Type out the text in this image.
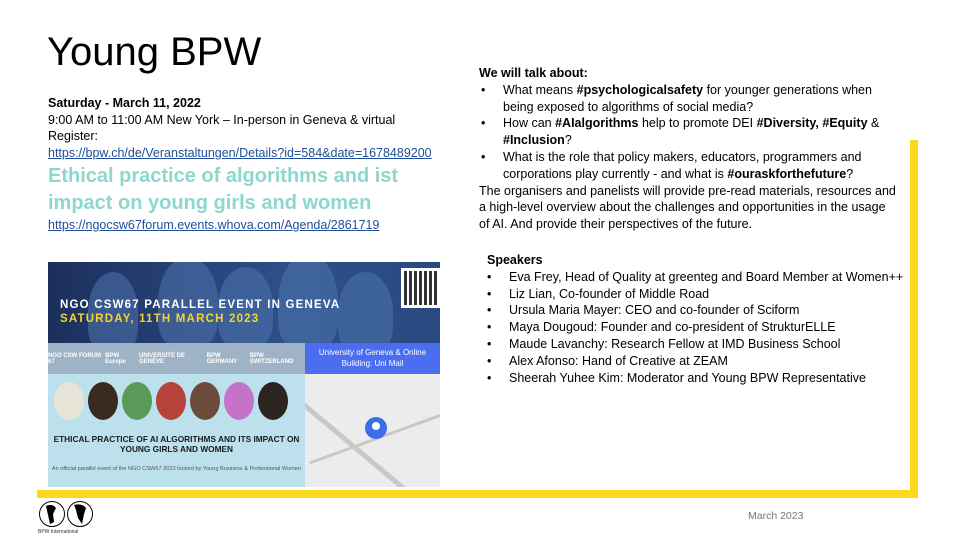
Young BPW
Saturday - March 11, 2022
9:00 AM to 11:00 AM New York – In-person in Geneva & virtual
Register:
https://bpw.ch/de/Veranstaltungen/Details?id=584&date=1678489200
Ethical practice of algorithms and ist impact on young girls and women
https://ngocsw67forum.events.whova.com/Agenda/2861719
NGO CSW67 PARALLEL EVENT IN GENEVA
SATURDAY, 11TH MARCH 2023
NGO CSW FORUM 67
BPW Europe
UNIVERSITÉ DE GENÈVE
BPW GERMANY
BPW SWITZERLAND
University of Geneva & Online
Building: Uni Mail
ETHICAL PRACTICE OF AI ALGORITHMS AND ITS IMPACT ON YOUNG GIRLS AND WOMEN
An official parallel event of the NGO CSW67 2023 hosted by Young Business & Professional Women
We will talk about:
• What means #psychologicalsafety for younger generations when being exposed to algorithms of social media?
• How can #AIalgorithms help to promote DEI #Diversity, #Equity & #Inclusion?
• What is the role that policy makers, educators, programmers and corporations play currently - and what is #ouraskforthefuture?
The organisers and panelists will provide pre-read materials, resources and a high-level overview about the challenges and opportunities in the usage of AI. And provide their perspectives of the future.
Speakers
• Eva Frey, Head of Quality at greenteg and Board Member at Women++
• Liz Lian, Co-founder of Middle Road
• Ursula Maria Mayer: CEO and co-founder of Sciform
• Maya Dougoud: Founder and co-president of StrukturELLE
• Maude Lavanchy: Research Fellow at IMD Business School
• Alex Afonso: Hand of Creative at ZEAM
• Sheerah Yuhee Kim: Moderator and Young BPW Representative
BPW International
March 2023
